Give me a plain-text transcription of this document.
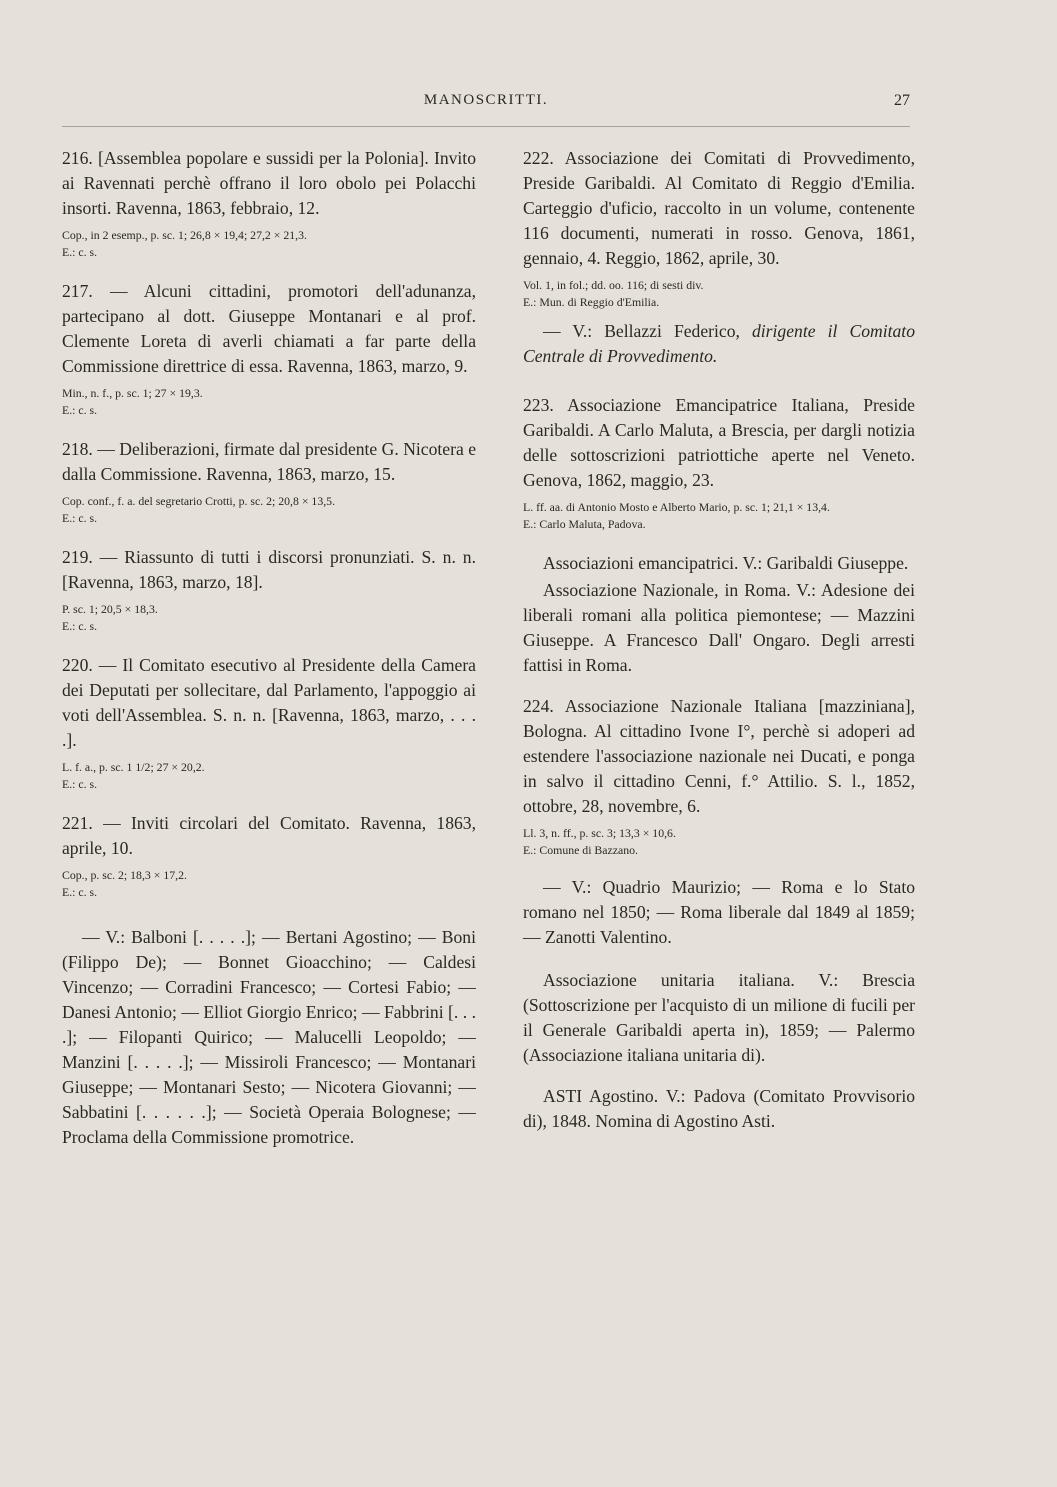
MANOSCRITTI.	27

216. [Assemblea popolare e sussidi per la Polonia]. Invito ai Ravennati perchè offrano il loro obolo pei Polacchi insorti. Ravenna, 1863, febbraio, 12.

Cop., in 2 esemp., p. sc. 1; 26,8 × 19,4; 27,2 × 21,3.

E.: c. s.

217. — Alcuni cittadini, promotori dell'adunanza, partecipano al dott. Giuseppe Montanari e al prof. Clemente Loreta di averli chiamati a far parte della Commissione direttrice di essa. Ravenna, 1863, marzo, 9.

Min., n. f., p. sc. 1; 27 × 19,3.

E.: c. s.

218. — Deliberazioni, firmate dal presidente G. Nicotera e dalla Commissione. Ravenna, 1863, marzo, 15.

Cop. conf., f. a. del segretario Crotti, p. sc. 2; 20,8 × 13,5.

E.: c. s.

219. — Riassunto di tutti i discorsi pronunziati. S. n. n. [Ravenna, 1863, marzo, 18].

P. sc. 1; 20,5 × 18,3.

E.: c. s.

220. — Il Comitato esecutivo al Presidente della Camera dei Deputati per sollecitare, dal Parlamento, l'appoggio ai voti dell'Assemblea. S. n. n. [Ravenna, 1863, marzo, . . . .].

L. f. a., p. sc. 1 1/2; 27 × 20,2.

E.: c. s.

221. — Inviti circolari del Comitato. Ravenna, 1863, aprile, 10.

Cop., p. sc. 2; 18,3 × 17,2.

E.: c. s.

— V.: Balboni [. . . . .]; — Bertani Agostino; — Boni (Filippo De); — Bonnet Gioacchino; — Caldesi Vincenzo; — Corradini Francesco; — Cortesi Fabio; — Danesi Antonio; — Elliot Giorgio Enrico; — Fabbrini [. . . .]; — Filopanti Quirico; — Malucelli Leopoldo; — Manzini [. . . . .]; — Missiroli Francesco; — Montanari Giuseppe; — Montanari Sesto; — Nicotera Giovanni; — Sabbatini [. . . . . .]; — Società Operaia Bolognese; — Proclama della Commissione promotrice.

222. Associazione dei Comitati di Provvedimento, Preside Garibaldi. Al Comitato di Reggio d'Emilia. Carteggio d'uficio, raccolto in un volume, contenente 116 documenti, numerati in rosso. Genova, 1861, gennaio, 4. Reggio, 1862, aprile, 30.

Vol. 1, in fol.; dd. oo. 116; di sesti div.

E.: Mun. di Reggio d'Emilia.

— V.: Bellazzi Federico, dirigente il Comitato Centrale di Provvedimento.

223. Associazione Emancipatrice Italiana, Preside Garibaldi. A Carlo Maluta, a Brescia, per dargli notizia delle sottoscrizioni patriottiche aperte nel Veneto. Genova, 1862, maggio, 23.

L. ff. aa. di Antonio Mosto e Alberto Mario, p. sc. 1; 21,1 × 13,4.

E.: Carlo Maluta, Padova.

Associazioni emancipatrici. V.: Garibaldi Giuseppe.

Associazione Nazionale, in Roma. V.: Adesione dei liberali romani alla politica piemontese; — Mazzini Giuseppe. A Francesco Dall' Ongaro. Degli arresti fattisi in Roma.

224. Associazione Nazionale Italiana [mazziniana], Bologna. Al cittadino Ivone I°, perchè si adoperi ad estendere l'associazione nazionale nei Ducati, e ponga in salvo il cittadino Cenni, f.° Attilio. S. l., 1852, ottobre, 28, novembre, 6.

Ll. 3, n. ff., p. sc. 3; 13,3 × 10,6.

E.: Comune di Bazzano.

— V.: Quadrio Maurizio; — Roma e lo Stato romano nel 1850; — Roma liberale dal 1849 al 1859; — Zanotti Valentino.

Associazione unitaria italiana. V.: Brescia (Sottoscrizione per l'acquisto di un milione di fucili per il Generale Garibaldi aperta in), 1859; — Palermo (Associazione italiana unitaria di).

ASTI Agostino. V.: Padova (Comitato Provvisorio di), 1848. Nomina di Agostino Asti.
